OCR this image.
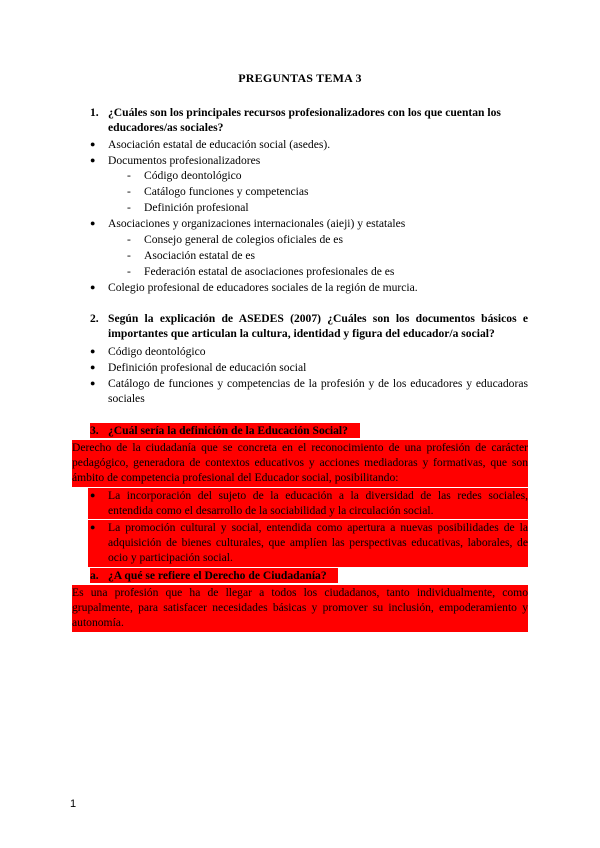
PREGUNTAS TEMA 3
1. ¿Cuáles son los principales recursos profesionalizadores con los que cuentan los educadores/as sociales?
● Asociación estatal de educación social (asedes).
● Documentos profesionalizadores
- Código deontológico
- Catálogo funciones y competencias
- Definición profesional
● Asociaciones y organizaciones internacionales (aieji) y estatales
- Consejo general de colegios oficiales de es
- Asociación estatal de es
- Federación estatal de asociaciones profesionales de es
● Colegio profesional de educadores sociales de la región de murcia.
2. Según la explicación de ASEDES (2007) ¿Cuáles son los documentos básicos e importantes que articulan la cultura, identidad y figura del educador/a social?
● Código deontológico
● Definición profesional de educación social
● Catálogo de funciones y competencias de la profesión y de los educadores y educadoras sociales
3. ¿Cuál sería la definición de la Educación Social?
Derecho de la ciudadanía que se concreta en el reconocimiento de una profesión de carácter pedagógico, generadora de contextos educativos y acciones mediadoras y formativas, que son ámbito de competencia profesional del Educador social, posibilitando:
● La incorporación del sujeto de la educación a la diversidad de las redes sociales, entendida como el desarrollo de la sociabilidad y la circulación social.
● La promoción cultural y social, entendida como apertura a nuevas posibilidades de la adquisición de bienes culturales, que amplíen las perspectivas educativas, laborales, de ocio y participación social.
a. ¿A qué se refiere el Derecho de Ciudadanía?
Es una profesión que ha de llegar a todos los ciudadanos, tanto individualmente, como grupalmente, para satisfacer necesidades básicas y promover su inclusión, empoderamiento y autonomía.
1
